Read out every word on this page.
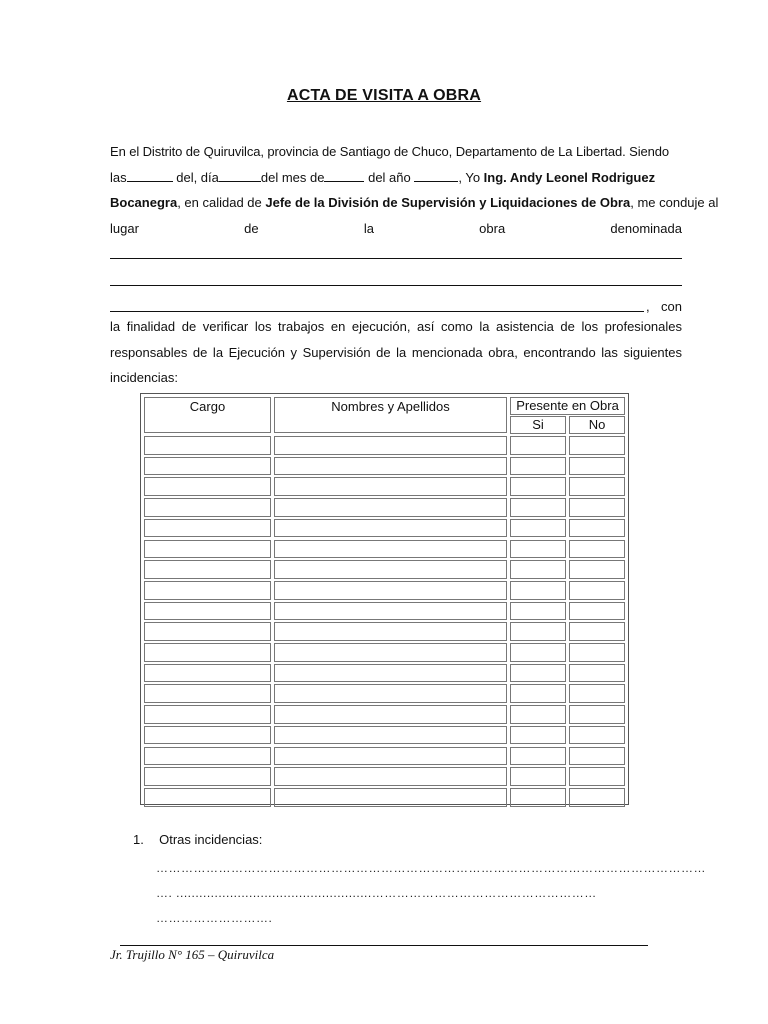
ACTA DE VISITA A OBRA
En el Distrito de Quiruvilca, provincia de Santiago de Chuco, Departamento de La Libertad. Siendo
las	del, día	del mes de	del año	, Yo Ing. Andy Leonel Rodriguez
Bocanegra, en calidad de Jefe de la División de Supervisión y Liquidaciones de Obra, me conduje al
lugar	de	la	obra	denominada
, con
la finalidad de verificar los trabajos en ejecución, así como la asistencia de los profesionales responsables de la Ejecución y Supervisión de la mencionada obra, encontrando las siguientes incidencias:
Cargo	Nombres y Apellidos	Presente en Obra
Si	No
1. Otras incidencias:
……………………………………………………………………………………………………………………
…. ...................................................………………………………………………
……………………….
Jr. Trujillo N° 165 – Quiruvilca
